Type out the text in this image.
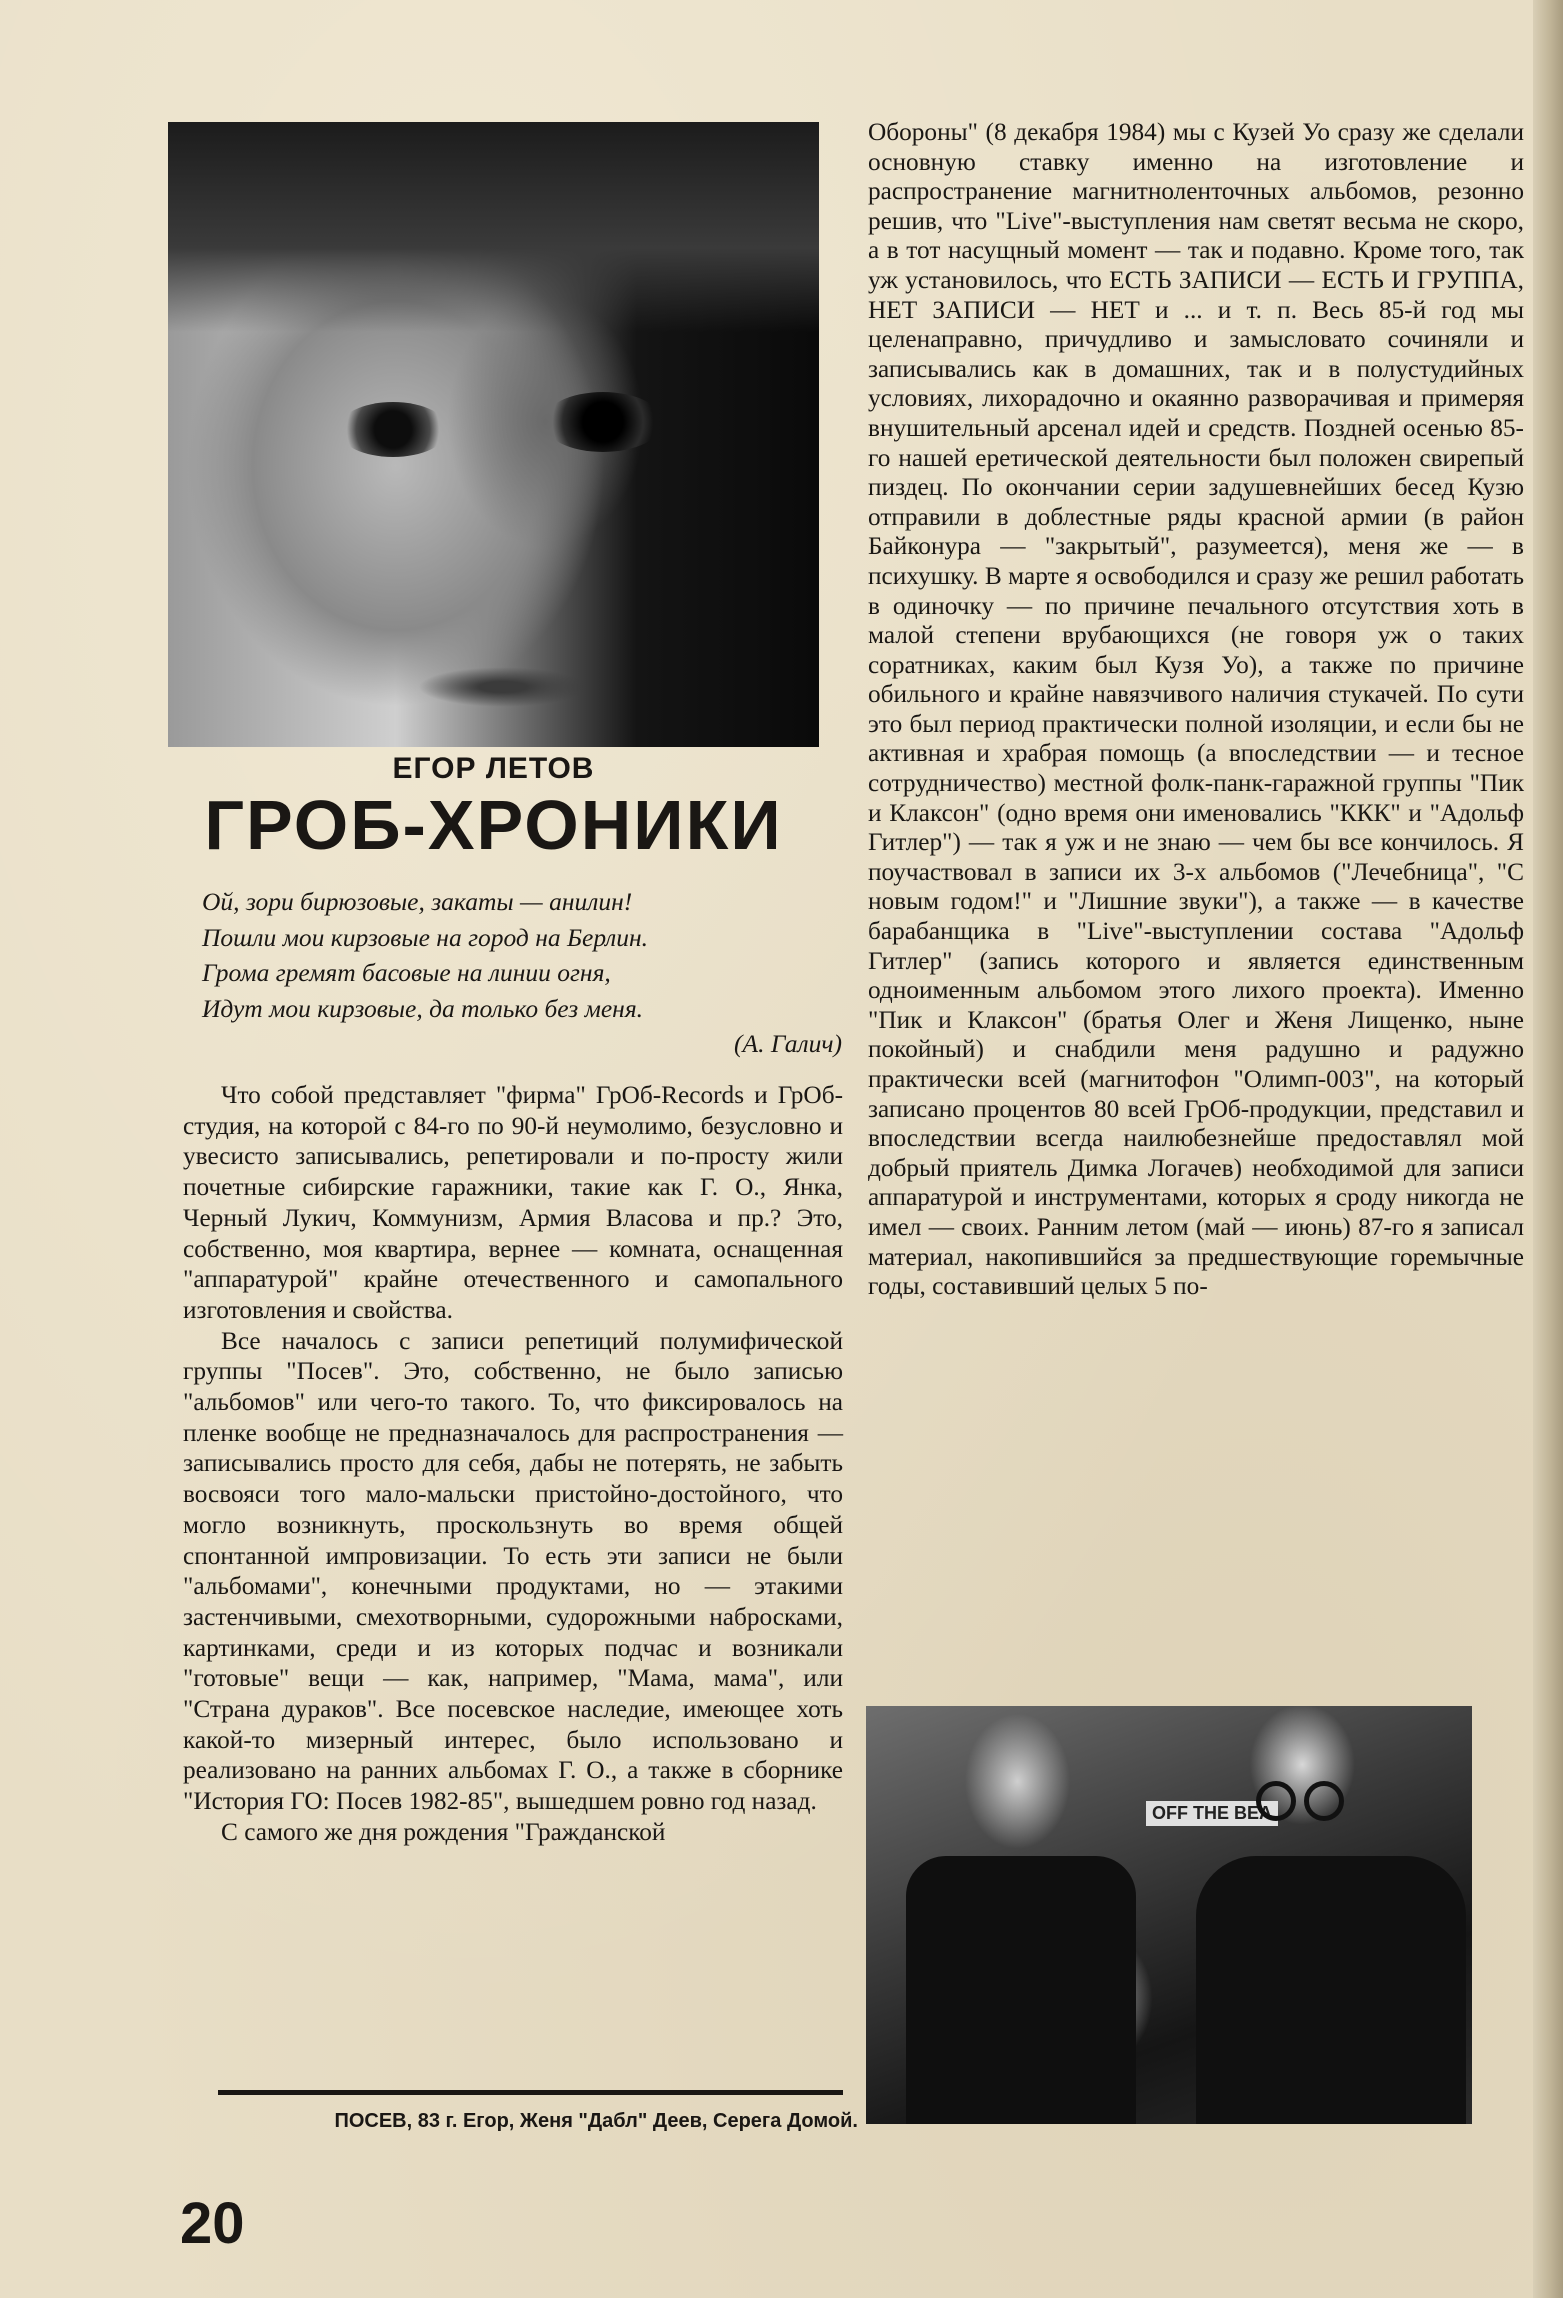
ЕГОР ЛЕТОВ
ГРОБ-ХРОНИКИ
Ой, зори бирюзовые, закаты — анилин!
Пошли мои кирзовые на город на Берлин.
Грома гремят басовые на линии огня,
Идут мои кирзовые, да только без меня.
(А. Галич)

Что собой представляет "фирма" ГрОб-Records и ГрОб-студия, на которой с 84-го по 90-й неумолимо, безусловно и увесисто записывались, репетировали и по-просту жили почетные сибирские гаражники, такие как Г. О., Янка, Черный Лукич, Коммунизм, Армия Власова и пр.? Это, собственно, моя квартира, вернее — комната, оснащенная "аппаратурой" крайне отечественного и самопального изготовления и свойства.

Все началось с записи репетиций полумифической группы "Посев". Это, собственно, не было записью "альбомов" или чего-то такого. То, что фиксировалось на пленке вообще не предназначалось для распространения — записывались просто для себя, дабы не потерять, не забыть восвояси того мало-мальски пристойно-достойного, что могло возникнуть, проскользнуть во время общей спонтанной импровизации. То есть эти записи не были "альбомами", конечными продуктами, но — этакими застенчивыми, смехотворными, судорожными набросками, картинками, среди и из которых подчас и возникали "готовые" вещи — как, например, "Мама, мама", или "Страна дураков". Все посевское наследие, имеющее хоть какой-то мизерный интерес, было использовано и реализовано на ранних альбомах Г. О., а также в сборнике "История ГО: Посев 1982-85", вышедшем ровно год назад.

С самого же дня рождения "Гражданской

Обороны" (8 декабря 1984) мы с Кузей Уо сразу же сделали основную ставку именно на изготовление и распространение магнитноленточных альбомов, резонно решив, что "Live"-выступления нам светят весьма не скоро, а в тот насущный момент — так и подавно. Кроме того, так уж установилось, что ЕСТЬ ЗАПИСИ — ЕСТЬ И ГРУППА, НЕТ ЗАПИСИ — НЕТ и ... и т. п. Весь 85-й год мы целенаправно, причудливо и замысловато сочиняли и записывались как в домашних, так и в полустудийных условиях, лихорадочно и окаянно разворачивая и примеряя внушительный арсенал идей и средств. Позднeй осенью 85-го нашей еретической деятельности был положен свирепый пиздец. По окончании серии задушевнейших бесед Кузю отправили в доблестные ряды красной армии (в район Байконура — "закрытый", разумеется), меня же — в психушку. В марте я освободился и сразу же решил работать в одиночку — по причине печального отсутствия хоть в малой степени врубающихся (не говоря уж о таких соратниках, каким был Кузя Уо), а также по причине обильного и крайне навязчивого наличия стукачей. По сути это был период практически полной изоляции, и если бы не активная и храбрая помощь (а впоследствии — и тесное сотрудничество) местной фолк-панк-гаражной группы "Пик и Клаксон" (одно время они именовались "ККК" и "Адольф Гитлер") — так я уж и не знаю — чем бы все кончилось. Я поучаствовал в записи их 3-х альбомов ("Лечебница", "С новым годом!" и "Лишние звуки"), а также — в качестве барабанщика в "Live"-выступлении состава "Адольф Гитлер" (запись которого и является единственным одноименным альбомом этого лихого проекта). Именно "Пик и Клаксон" (братья Олег и Женя Лищенко, ныне покойный) и снабдили меня радушно и радужно практически всей (магнитофон "Олимп-003", на который записано процентов 80 всей ГрОб-продукции, представил и впоследствии всегда наилюбезнейше предоставлял мой добрый приятель Димка Логачев) необходимой для записи аппаратурой и инструментами, которых я сроду никогда не имел — своих. Ранним летом (май — июнь) 87-го я записал материал, накопившийся за предшествующие горемычные годы, составивший целых 5 по-

OFF THE BEA
ПОСЕВ, 83 г. Егор, Женя "Дабл" Деев, Серега Домой.
20
